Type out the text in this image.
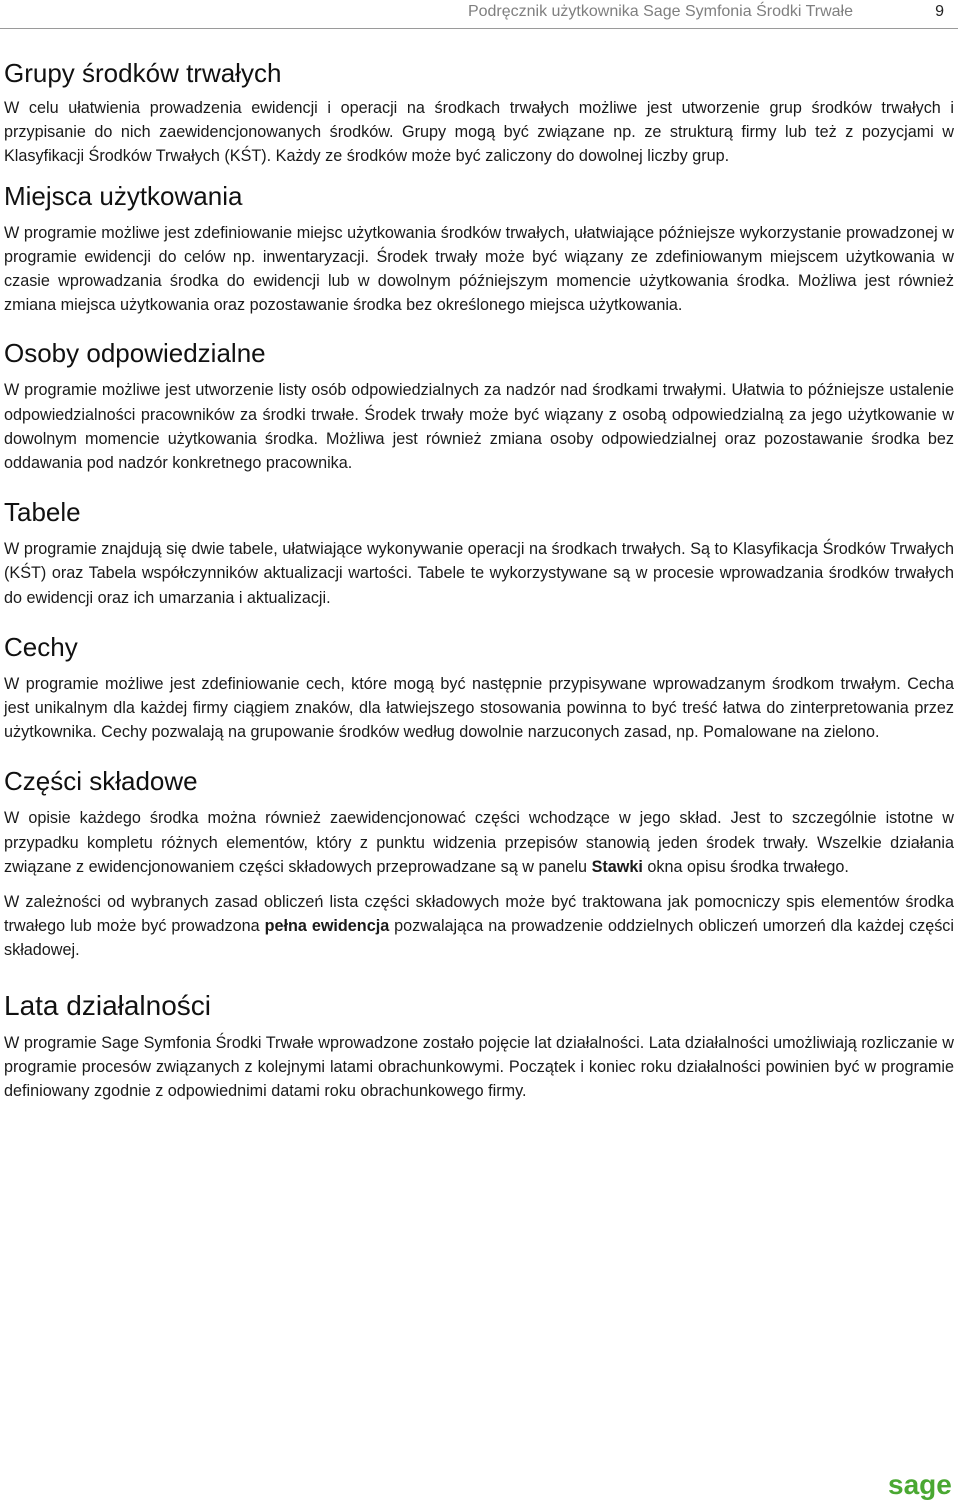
Podręcznik użytkownika Sage Symfonia Środki Trwałe	9
Grupy środków trwałych

W celu ułatwienia prowadzenia ewidencji i operacji na środkach trwałych możliwe jest utworzenie grup środków trwałych i przypisanie do nich zaewidencjonowanych środków. Grupy mogą być związane np. ze strukturą firmy lub też z pozycjami w Klasyfikacji Środków Trwałych (KŚT). Każdy ze środków może być zaliczony do dowolnej liczby grup.

Miejsca użytkowania

W programie możliwe jest zdefiniowanie miejsc użytkowania środków trwałych, ułatwiające późniejsze wykorzystanie prowadzonej w programie ewidencji do celów np. inwentaryzacji. Środek trwały może być wiązany ze zdefiniowanym miejscem użytkowania w czasie wprowadzania środka do ewidencji lub w dowolnym późniejszym momencie użytkowania środka. Możliwa jest również zmiana miejsca użytkowania oraz pozostawanie środka bez określonego miejsca użytkowania.

Osoby odpowiedzialne

W programie możliwe jest utworzenie listy osób odpowiedzialnych za nadzór nad środkami trwałymi. Ułatwia to późniejsze ustalenie odpowiedzialności pracowników za środki trwałe. Środek trwały może być wiązany z osobą odpowiedzialną za jego użytkowanie w dowolnym momencie użytkowania środka. Możliwa jest również zmiana osoby odpowiedzialnej oraz pozostawanie środka bez oddawania pod nadzór konkretnego pracownika.

Tabele

W programie znajdują się dwie tabele, ułatwiające wykonywanie operacji na środkach trwałych. Są to Klasyfikacja Środków Trwałych (KŚT) oraz Tabela współczynników aktualizacji wartości. Tabele te wykorzystywane są w procesie wprowadzania środków trwałych do ewidencji oraz ich umarzania i aktualizacji.

Cechy

W programie możliwe jest zdefiniowanie cech, które mogą być następnie przypisywane wprowadzanym środkom trwałym. Cecha jest unikalnym dla każdej firmy ciągiem znaków, dla łatwiejszego stosowania powinna to być treść łatwa do zinterpretowania przez użytkownika. Cechy pozwalają na grupowanie środków według dowolnie narzuconych zasad, np. Pomalowane na zielono.

Części składowe

W opisie każdego środka można również zaewidencjonować części wchodzące w jego skład. Jest to szczególnie istotne w przypadku kompletu różnych elementów, który z punktu widzenia przepisów stanowią jeden środek trwały. Wszelkie działania związane z ewidencjonowaniem części składowych przeprowadzane są w panelu Stawki okna opisu środka trwałego.

W zależności od wybranych zasad obliczeń lista części składowych może być traktowana jak pomocniczy spis elementów środka trwałego lub może być prowadzona pełna ewidencja pozwalająca na prowadzenie oddzielnych obliczeń umorzeń dla każdej części składowej.

Lata działalności

W programie Sage Symfonia Środki Trwałe wprowadzone zostało pojęcie lat działalności. Lata działalności umożliwiają rozliczanie w programie procesów związanych z kolejnymi latami obrachunkowymi. Początek i koniec roku działalności powinien być w programie definiowany zgodnie z odpowiednimi datami roku obrachunkowego firmy.

sage
